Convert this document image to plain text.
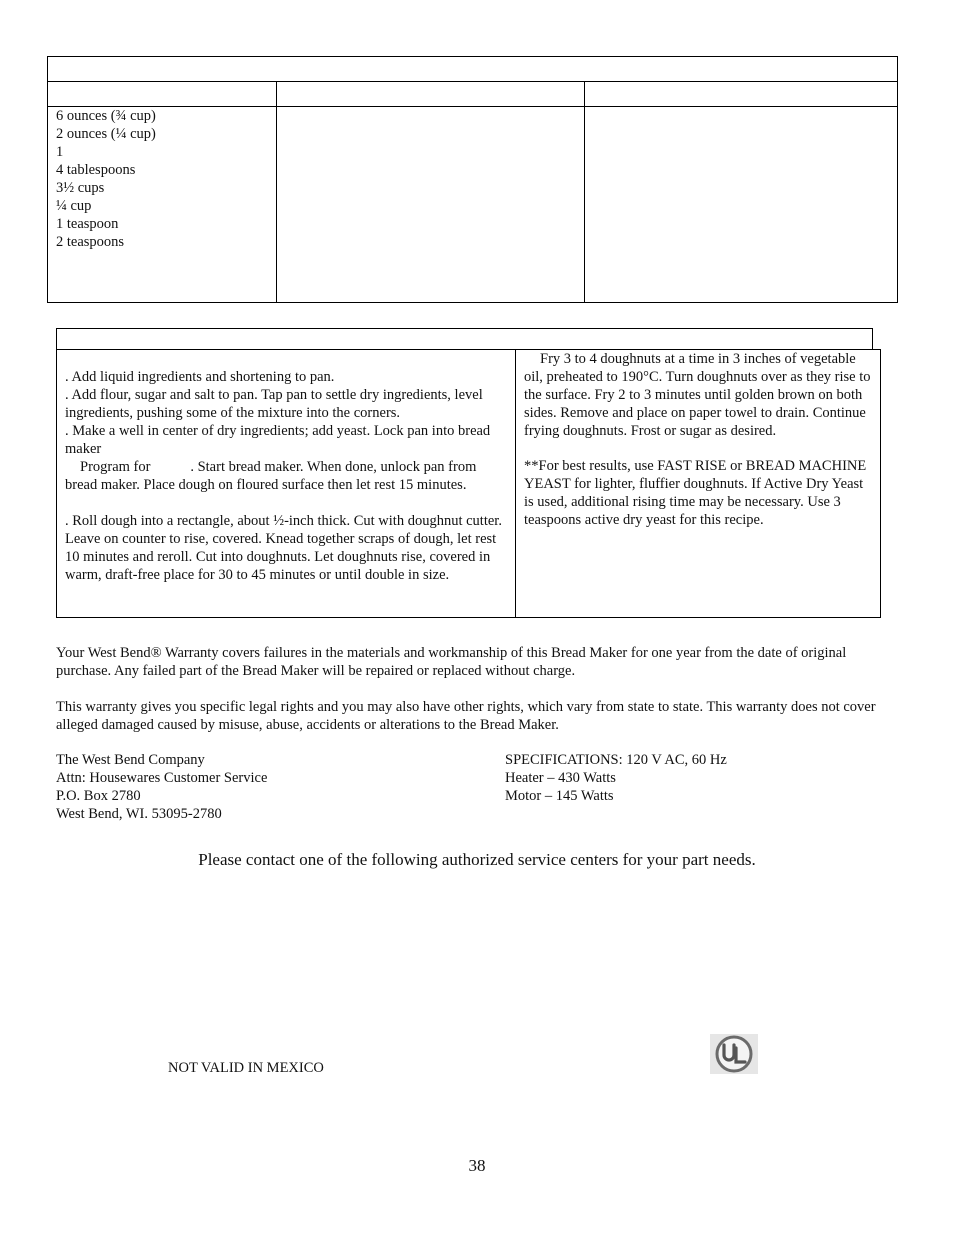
6 ounces (¾ cup)
2 ounces (¼ cup)
1
4 tablespoons
3½ cups
¼ cup
1 teaspoon
2 teaspoons

. Add liquid ingredients and shortening to pan.

. Add flour, sugar and salt to pan. Tap pan to settle dry ingredients, level ingredients, pushing some of the mixture into the corners.

. Make a well in center of dry ingredients; add yeast. Lock pan into bread maker

Program for           . Start bread maker. When done, unlock pan from bread maker. Place dough on floured surface then let rest 15 minutes.

. Roll dough into a rectangle, about ½-inch thick. Cut with doughnut cutter. Leave on counter to rise, covered. Knead together scraps of dough, let rest 10 minutes and reroll. Cut into doughnuts. Let doughnuts rise, covered in warm, draft-free place for 30 to 45 minutes or until double in size.

Fry 3 to 4 doughnuts at a time in 3 inches of vegetable oil, preheated to 190°C. Turn doughnuts over as they rise to the surface. Fry 2 to 3 minutes until golden brown on both sides. Remove and place on paper towel to drain. Continue frying doughnuts. Frost or sugar as desired.

**For best results, use FAST RISE or BREAD MACHINE YEAST for lighter, fluffier doughnuts. If Active Dry Yeast is used, additional rising time may be necessary. Use 3 teaspoons active dry yeast for this recipe.

Your West Bend® Warranty covers failures in the materials and workmanship of this Bread Maker for one year from the date of original purchase. Any failed part of the Bread Maker will be repaired or replaced without charge.
This warranty gives you specific legal rights and you may also have other rights, which vary from state to state. This warranty does not cover alleged damaged caused by misuse, abuse, accidents or alterations to the Bread Maker.
The West Bend Company
Attn: Housewares Customer Service
P.O. Box 2780
West Bend, WI. 53095-2780
SPECIFICATIONS: 120 V AC, 60 Hz
Heater – 430 Watts
Motor – 145 Watts
Please contact one of the following authorized service centers for your part needs.
NOT VALID IN MEXICO
38
